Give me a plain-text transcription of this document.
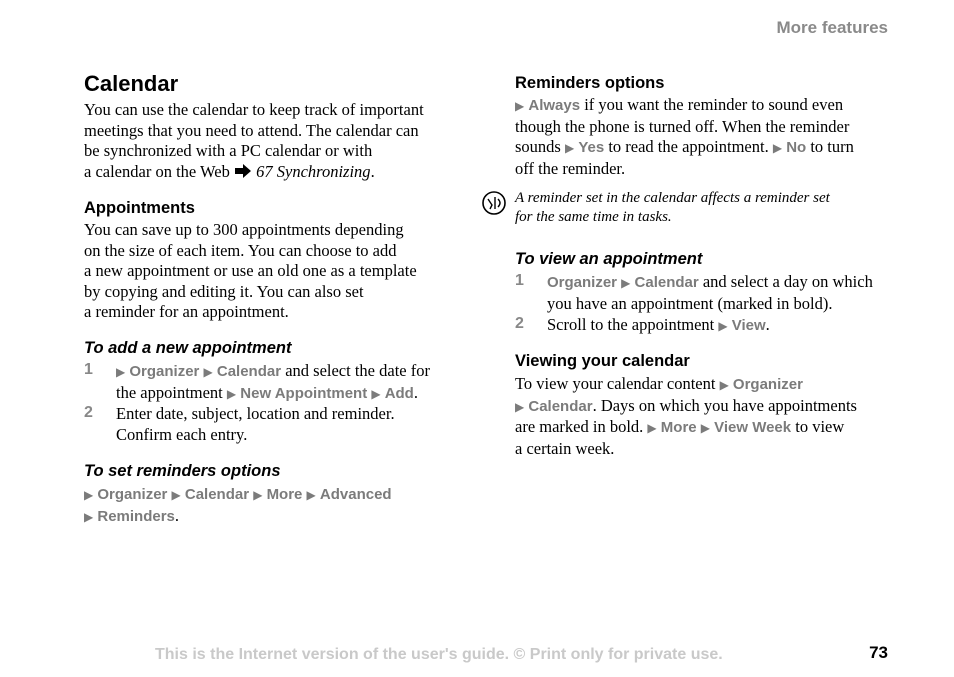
More features
Calendar
You can use the calendar to keep track of important
meetings that you need to attend. The calendar can
be synchronized with a PC calendar or with
a calendar on the Web 67 Synchronizing.
Appointments
You can save up to 300 appointments depending
on the size of each item. You can choose to add
a new appointment or use an old one as a template
by copying and editing it. You can also set
a reminder for an appointment.
To add a new appointment
1 ▶ Organizer ▶ Calendar and select the date for
the appointment ▶ New Appointment ▶ Add.
2 Enter date, subject, location and reminder.
Confirm each entry.
To set reminders options
▶ Organizer ▶ Calendar ▶ More ▶ Advanced
▶ Reminders.
Reminders options
▶ Always if you want the reminder to sound even
though the phone is turned off. When the reminder
sounds ▶ Yes to read the appointment. ▶ No to turn
off the reminder.
A reminder set in the calendar affects a reminder set
for the same time in tasks.
To view an appointment
1 Organizer ▶ Calendar and select a day on which
you have an appointment (marked in bold).
2 Scroll to the appointment ▶ View.
Viewing your calendar
To view your calendar content ▶ Organizer
▶ Calendar. Days on which you have appointments
are marked in bold. ▶ More ▶ View Week to view
a certain week.
This is the Internet version of the user's guide. © Print only for private use.	73
